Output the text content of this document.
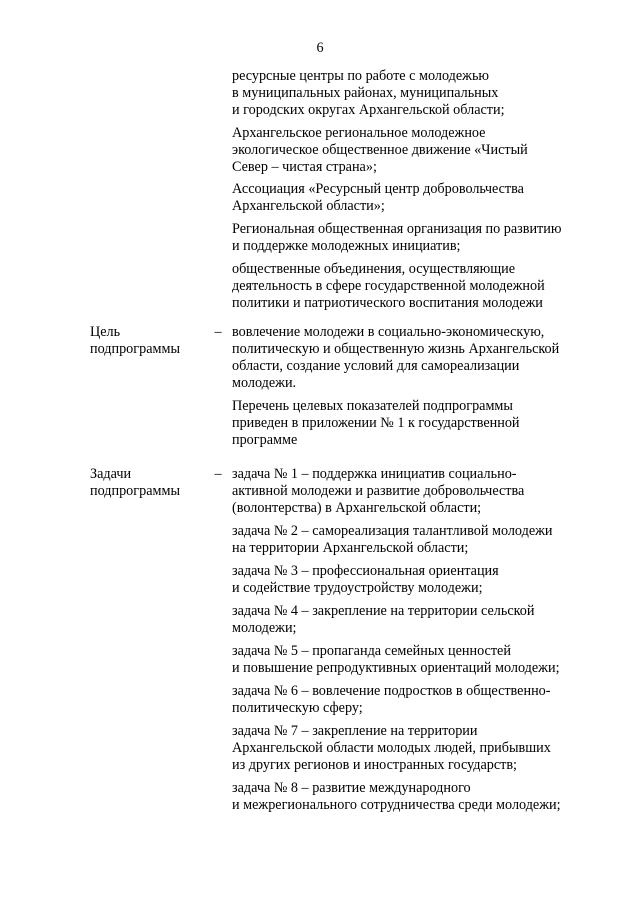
6

ресурсные центры по работе с молодежью
в муниципальных районах, муниципальных
и городских округах Архангельской области;

Архангельское региональное молодежное
экологическое общественное движение «Чистый
Север – чистая страна»;

Ассоциация «Ресурсный центр добровольчества
Архангельской области»;

Региональная общественная организация по развитию
и поддержке молодежных инициатив;

общественные объединения, осуществляющие
деятельность в сфере государственной молодежной
политики и патриотического воспитания молодежи

Цель
подпрограммы
– вовлечение молодежи в социально-экономическую,
политическую и общественную жизнь Архангельской
области, создание условий для самореализации
молодежи.

Перечень целевых показателей подпрограммы
приведен в приложении № 1 к государственной
программе

Задачи
подпрограммы
– задача № 1 – поддержка инициатив социально-
активной молодежи и развитие добровольчества
(волонтерства) в Архангельской области;

задача № 2 – самореализация талантливой молодежи
на территории Архангельской области;

задача № 3 – профессиональная ориентация
и содействие трудоустройству молодежи;

задача № 4 – закрепление на территории сельской
молодежи;

задача № 5 – пропаганда семейных ценностей
и повышение репродуктивных ориентаций молодежи;

задача № 6 – вовлечение подростков в общественно-
политическую сферу;

задача № 7 – закрепление на территории
Архангельской области молодых людей, прибывших
из других регионов и иностранных государств;

задача № 8 – развитие международного
и межрегионального сотрудничества среди молодежи;
